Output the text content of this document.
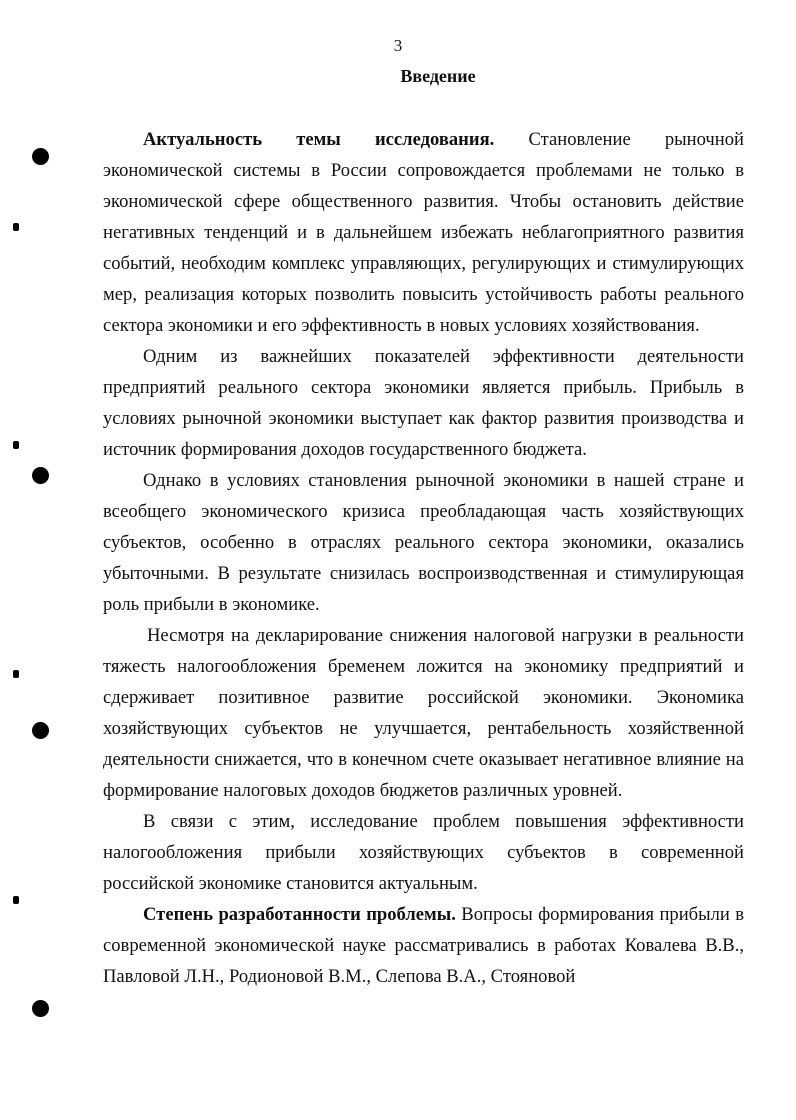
3
Введение

Актуальность темы исследования. Становление рыночной экономической системы в России сопровождается проблемами не только в экономической сфере общественного развития. Чтобы остановить действие негативных тенденций и в дальнейшем избежать неблагоприятного развития событий, необходим комплекс управляющих, регулирующих и стимулирующих мер, реализация которых позволить повысить устойчивость работы реального сектора экономики и его эффективность в новых условиях хозяйствования.

Одним из важнейших показателей эффективности деятельности предприятий реального сектора экономики является прибыль. Прибыль в условиях рыночной экономики выступает как фактор развития производства и источник формирования доходов государственного бюджета.

Однако в условиях становления рыночной экономики в нашей стране и всеобщего экономического кризиса преобладающая часть хозяйствующих субъектов, особенно в отраслях реального сектора экономики, оказались убыточными. В результате снизилась воспроизводственная и стимулирующая роль прибыли в экономике.

Несмотря на декларирование снижения налоговой нагрузки в реальности тяжесть налогообложения бременем ложится на экономику предприятий и сдерживает позитивное развитие российской экономики. Экономика хозяйствующих субъектов не улучшается, рентабельность хозяйственной деятельности снижается, что в конечном счете оказывает негативное влияние на формирование налоговых доходов бюджетов различных уровней.

В связи с этим, исследование проблем повышения эффективности налогообложения прибыли хозяйствующих субъектов в современной российской экономике становится актуальным.

Степень разработанности проблемы. Вопросы формирования прибыли в современной экономической науке рассматривались в работах Ковалева В.В., Павловой Л.Н., Родионовой В.М., Слепова В.А., Стояновой
